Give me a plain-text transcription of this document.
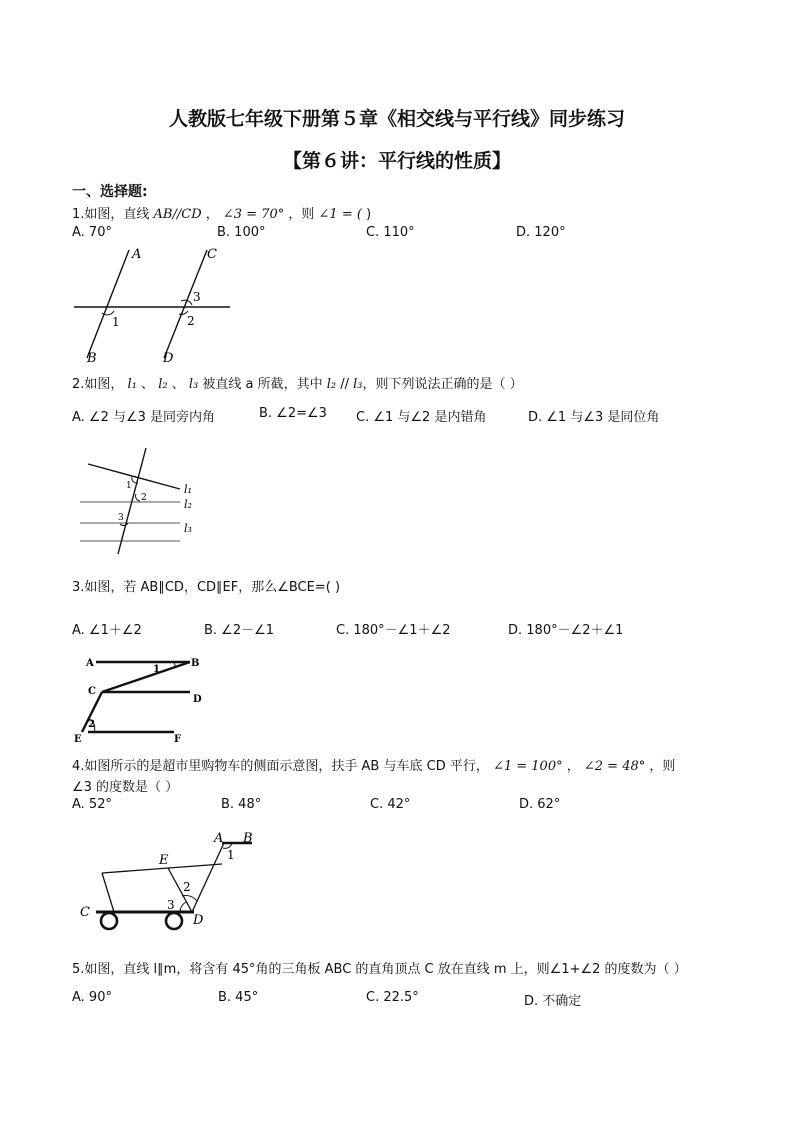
人教版七年级下册第５章《相交线与平行线》同步练习
【第６讲：平行线的性质】
一、选择题:
1.如图，直线 AB//CD ， ∠3 = 70° ，则 ∠1 = ( )
A. 70°	B. 100°	C. 110°	D. 120°
A	C
B	D
1
3
2
2.如图， l₁ 、 l₂ 、 l₃ 被直线 a 所截，其中 l₂ // l₃，则下列说法正确的是（ ）
A. ∠2 与∠3 是同旁内角	B. ∠2=∠3 C. ∠1 与∠2 是内错角	D. ∠1 与∠3 是同位角
1
2
3
l₁
l₂
l₃
3.如图，若 AB∥CD，CD∥EF，那么∠BCE=( )
A. ∠1＋∠2	B. ∠2－∠1	C. 180°－∠1＋∠2	D. 180°－∠2＋∠1
A	B
C
D
E	F
1
2
4.如图所示的是超市里购物车的侧面示意图，扶手 AB 与车底 CD 平行， ∠1 = 100° ， ∠2 = 48° ，则
∠3 的度数是（ ）
A. 52°	B. 48°	C. 42°	D. 62°
A B
C
D
E	1
2
3
5.如图，直线 l∥m，将含有 45°角的三角板 ABC 的直角顶点 C 放在直线 m 上，则∠1+∠2 的度数为（ ）
A. 90°	B. 45°	C. 22.5°	D. 不确定
